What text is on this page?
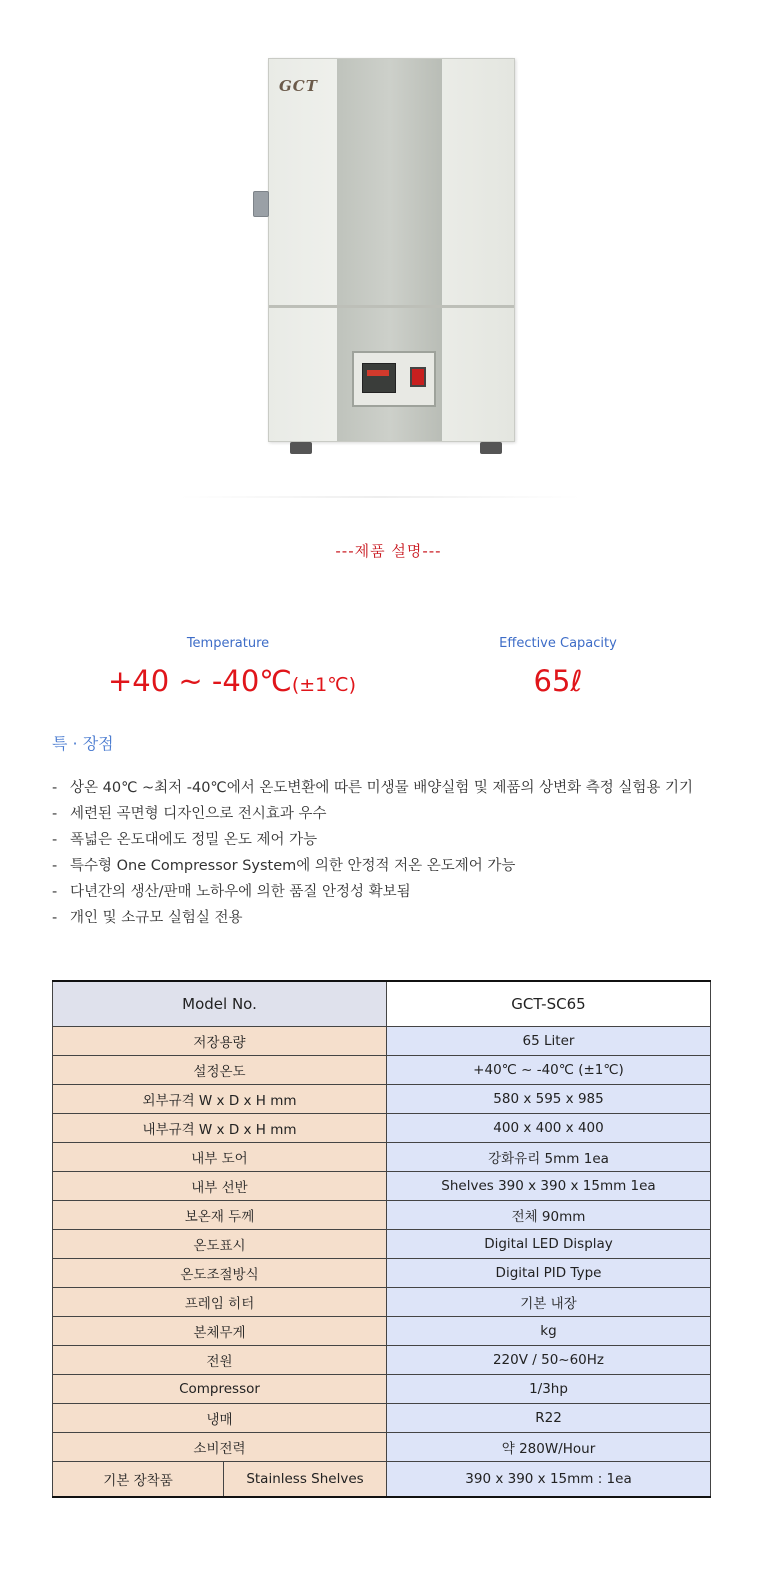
GCT
---제품 설명---
Temperature	Effective Capacity
+40 ~ -40℃(±1℃)	65ℓ
특 · 장점
- 상온 40℃ ~최저 -40℃에서 온도변환에 따른 미생물 배양실험 및 제품의 상변화 측정 실험용 기기
- 세련된 곡면형 디자인으로 전시효과 우수
- 폭넓은 온도대에도 정밀 온도 제어 가능
- 특수형 One Compressor System에 의한 안정적 저온 온도제어 가능
- 다년간의 생산/판매 노하우에 의한 품질 안정성 확보됨
- 개인 및 소규모 실험실 전용
Model No.		GCT-SC65
저장용량		65 Liter
설정온도		+40℃ ~ -40℃ (±1℃)
외부규격 W x D x H mm		580 x 595 x 985
내부규격 W x D x H mm		400 x 400 x 400
내부 도어		강화유리 5mm 1ea
내부 선반		Shelves 390 x 390 x 15mm 1ea
보온재 두께		전체 90mm
온도표시		Digital LED Display
온도조절방식		Digital PID Type
프레임 히터		기본 내장
본체무게		kg
전원		220V / 50~60Hz
Compressor		1/3hp
냉매		R22
소비전력		약 280W/Hour
기본 장착품	Stainless Shelves	390 x 390 x 15mm : 1ea
